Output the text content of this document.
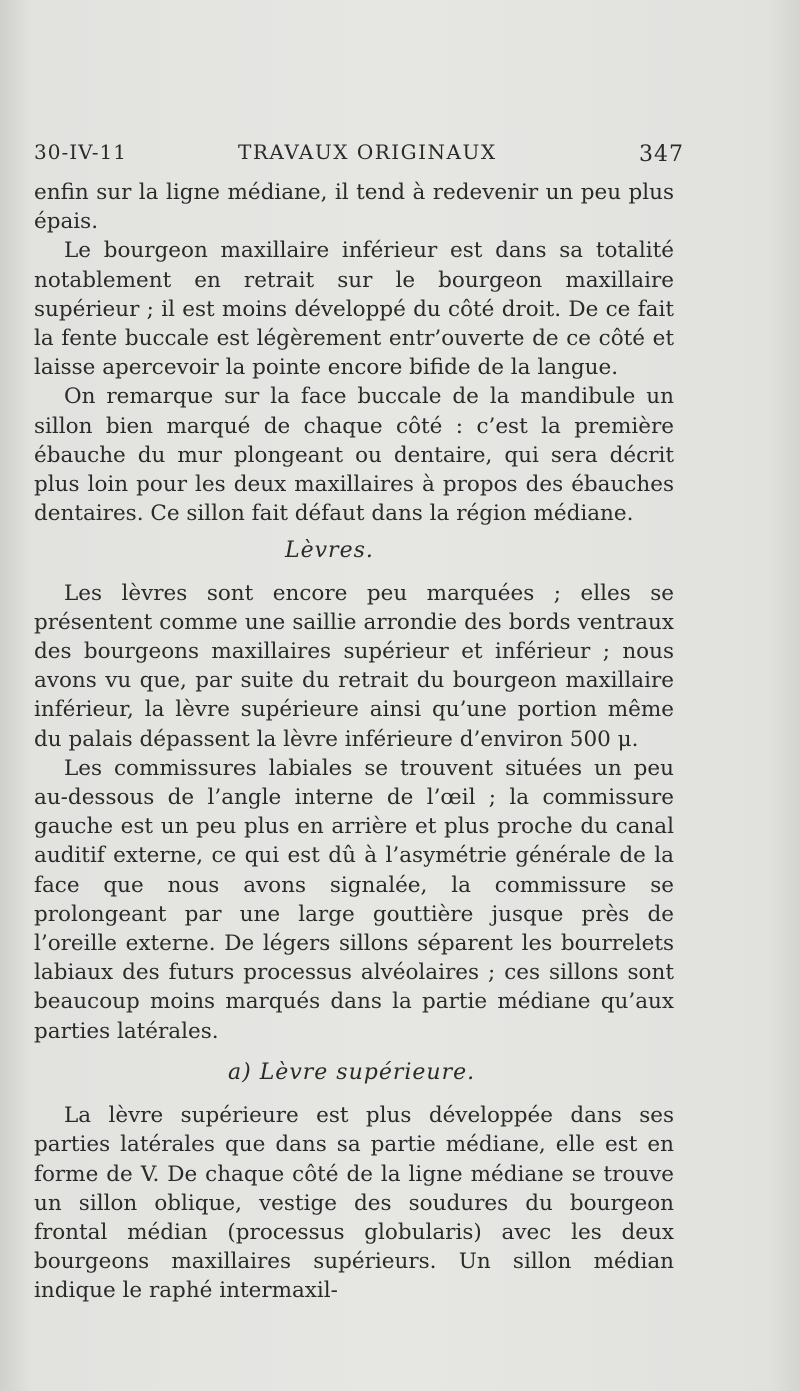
30-IV-11	TRAVAUX ORIGINAUX	347

enfin sur la ligne médiane, il tend à redevenir un peu plus épais.

Le bourgeon maxillaire inférieur est dans sa totalité notablement en retrait sur le bourgeon maxillaire supérieur ; il est moins développé du côté droit. De ce fait la fente buccale est légèrement entr’ouverte de ce côté et laisse apercevoir la pointe encore bifide de la langue.

On remarque sur la face buccale de la mandibule un sillon bien marqué de chaque côté : c’est la première ébauche du mur plongeant ou dentaire, qui sera décrit plus loin pour les deux maxillaires à propos des ébauches dentaires. Ce sillon fait défaut dans la région médiane.

Lèvres.

Les lèvres sont encore peu marquées ; elles se présentent comme une saillie arrondie des bords ventraux des bourgeons maxillaires supérieur et inférieur ; nous avons vu que, par suite du retrait du bourgeon maxillaire inférieur, la lèvre supérieure ainsi qu’une portion même du palais dépassent la lèvre inférieure d’environ 500 μ.

Les commissures labiales se trouvent situées un peu au-dessous de l’angle interne de l’œil ; la commissure gauche est un peu plus en arrière et plus proche du canal auditif externe, ce qui est dû à l’asymétrie générale de la face que nous avons signalée, la commissure se prolongeant par une large gouttière jusque près de l’oreille externe. De légers sillons séparent les bourrelets labiaux des futurs processus alvéolaires ; ces sillons sont beaucoup moins marqués dans la partie médiane qu’aux parties latérales.

a) Lèvre supérieure.

La lèvre supérieure est plus développée dans ses parties latérales que dans sa partie médiane, elle est en forme de V. De chaque côté de la ligne médiane se trouve un sillon oblique, vestige des soudures du bourgeon frontal médian (processus globularis) avec les deux bourgeons maxillaires supérieurs. Un sillon médian indique le raphé intermaxil-
